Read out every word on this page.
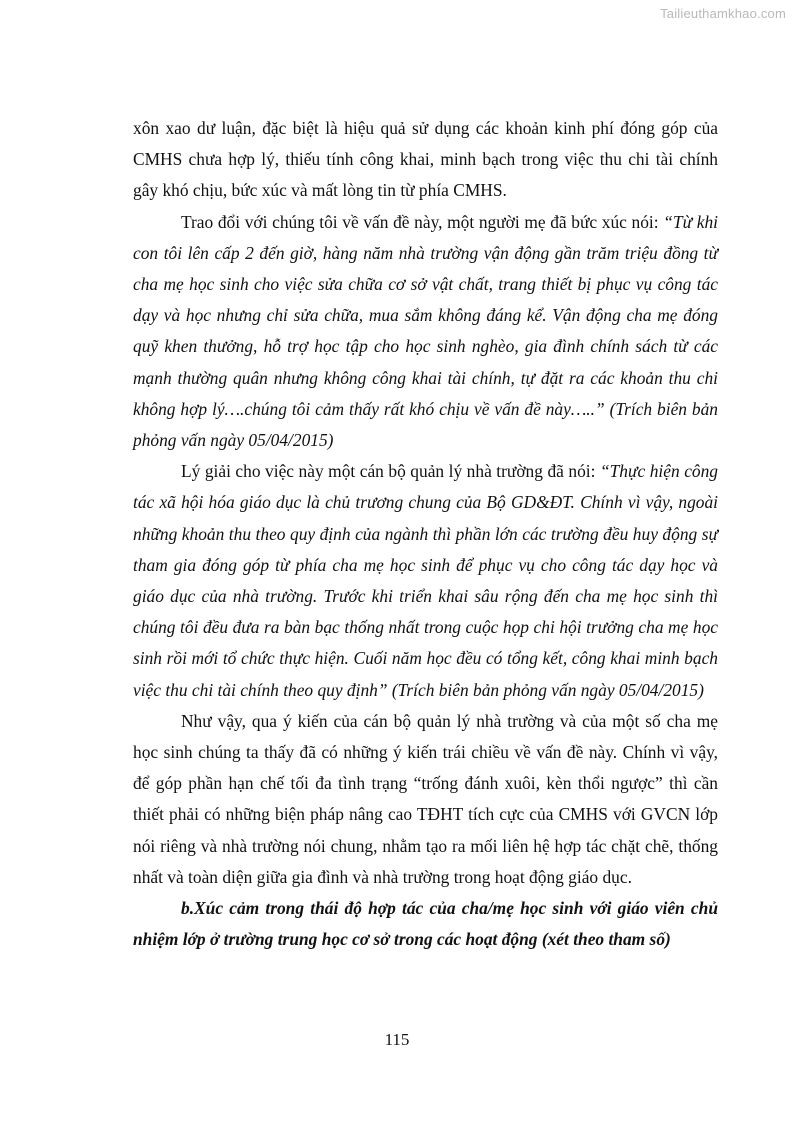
Tailieuthamkhao.com

xôn xao dư luận, đặc biệt là hiệu quả sử dụng các khoản kinh phí đóng góp của CMHS chưa hợp lý, thiếu tính công khai, minh bạch trong việc thu chi tài chính gây khó chịu, bức xúc và mất lòng tin từ phía CMHS.

Trao đổi với chúng tôi về vấn đề này, một người mẹ đã bức xúc nói: “Từ khi con tôi lên cấp 2 đến giờ, hàng năm nhà trường vận động gần trăm triệu đồng từ cha mẹ học sinh cho việc sửa chữa cơ sở vật chất, trang thiết bị phục vụ công tác dạy và học nhưng chỉ sửa chữa, mua sắm không đáng kể. Vận động cha mẹ đóng quỹ khen thưởng, hỗ trợ học tập cho học sinh nghèo, gia đình chính sách từ các mạnh thường quân nhưng không công khai tài chính, tự đặt ra các khoản thu chi không hợp lý….chúng tôi cảm thấy rất khó chịu về vấn đề này…..” (Trích biên bản phỏng vấn ngày 05/04/2015)

Lý giải cho việc này một cán bộ quản lý nhà trường đã nói: “Thực hiện công tác xã hội hóa giáo dục là chủ trương chung của Bộ GD&ĐT. Chính vì vậy, ngoài những khoản thu theo quy định của ngành thì phần lớn các trường đều huy động sự tham gia đóng góp từ phía cha mẹ học sinh để phục vụ cho công tác dạy học và giáo dục của nhà trường. Trước khi triển khai sâu rộng đến cha mẹ học sinh thì chúng tôi đều đưa ra bàn bạc thống nhất trong cuộc họp chi hội trưởng cha mẹ học sinh rồi mới tổ chức thực hiện. Cuối năm học đều có tổng kết, công khai minh bạch việc thu chi tài chính theo quy định” (Trích biên bản phỏng vấn ngày 05/04/2015)

Như vậy, qua ý kiến của cán bộ quản lý nhà trường và của một số cha mẹ học sinh chúng ta thấy đã có những ý kiến trái chiều về vấn đề này. Chính vì vậy, để góp phần hạn chế tối đa tình trạng “trống đánh xuôi, kèn thổi ngược” thì cần thiết phải có những biện pháp nâng cao TĐHT tích cực của CMHS với GVCN lớp nói riêng và nhà trường nói chung, nhằm tạo ra mối liên hệ hợp tác chặt chẽ, thống nhất và toàn diện giữa gia đình và nhà trường trong hoạt động giáo dục.

b.Xúc cảm trong thái độ hợp tác của cha/mẹ học sinh với giáo viên chủ nhiệm lớp ở trường trung học cơ sở trong các hoạt động (xét theo tham số)

115
